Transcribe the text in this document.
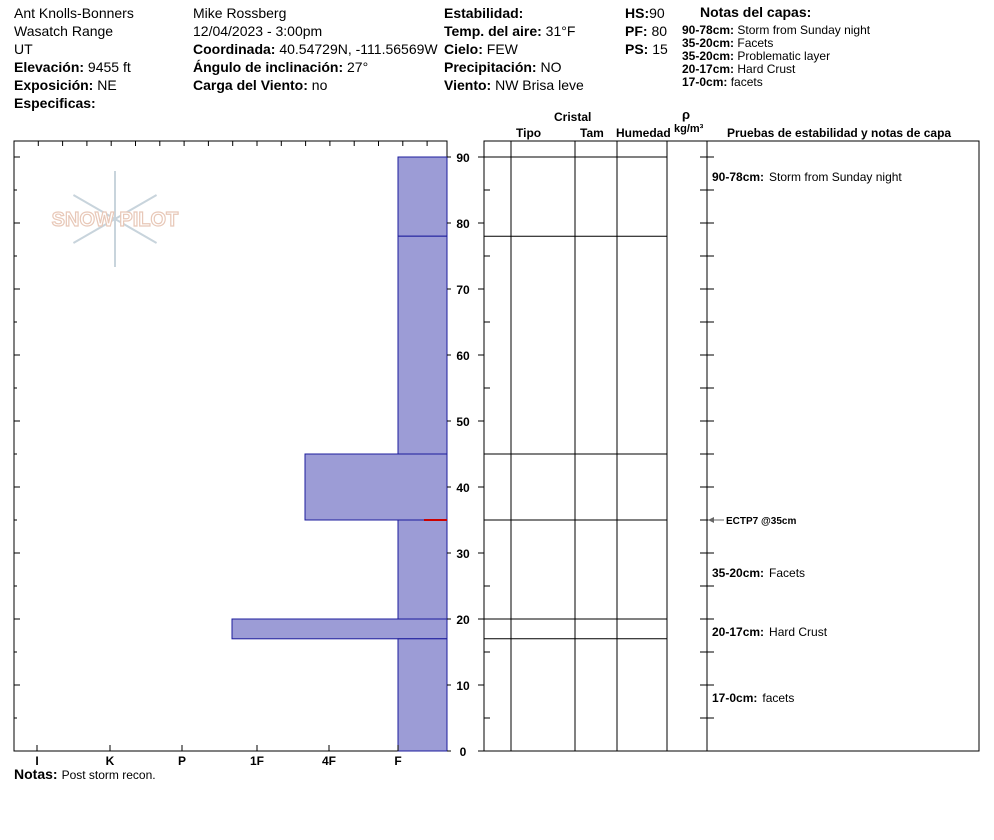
Ant Knolls-Bonners
Wasatch Range
UT
Elevación: 9455 ft
Exposición: NE
Especificas:
Mike Rossberg
12/04/2023 - 3:00pm
Coordinada: 40.54729N, -111.56569W
Ángulo de inclinación: 27°
Carga del Viento: no
Estabilidad:
Temp. del aire: 31°F
Cielo: FEW
Precipitación: NO
Viento: NW Brisa leve
HS:90
PF: 80
PS: 15
Notas del capas:
90-78cm: Storm from Sunday night
35-20cm: Facets
35-20cm: Problematic layer
20-17cm: Hard Crust
17-0cm: facets
Cristal
Tipo	Tam Humedad
ρ
kg/m³ Pruebas de estabilidad y notas de capa
SNOW PILOT
I	K	P	1F	4F	F
0
10
20
30
40
50
60
70
80
90
ECTP7 @35cm
90-78cm: Storm from Sunday night
35-20cm: Facets
20-17cm: Hard Crust
17-0cm: facets
Notas: Post storm recon.
